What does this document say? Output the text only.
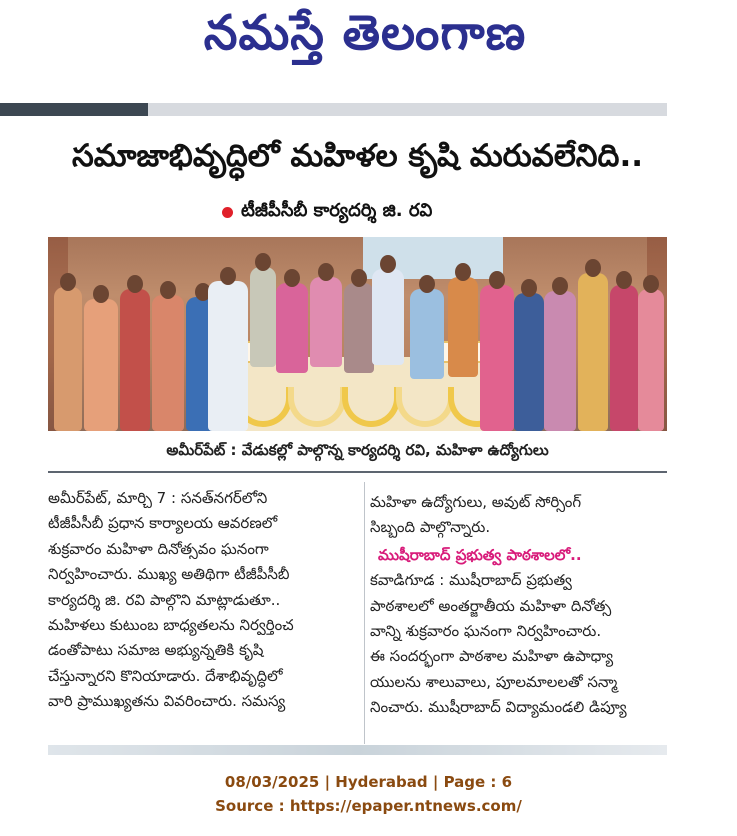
నమస్తే తెలంగాణ
సమాజాభివృద్ధిలో మహిళల కృషి మరువలేనిది..
టీజీపీసీబీ కార్యదర్శి జి. రవి
అమీర్‌పేట్ : వేడుకల్లో పాల్గొన్న కార్యదర్శి రవి, మహిళా ఉద్యోగులు

అమీర్‌పేట్, మార్చి 7 : సనత్‌నగర్‌లోని

టీజీపీసీబీ ప్రధాన కార్యాలయ ఆవరణలో

శుక్రవారం మహిళా దినోత్సవం ఘనంగా

నిర్వహించారు. ముఖ్య అతిథిగా టీజీపీసీబీ

కార్యదర్శి జి. రవి పాల్గొని మాట్లాడుతూ..

మహిళలు కుటుంబ బాధ్యతలను నిర్వర్తించ

డంతోపాటు సమాజ అభ్యున్నతికి కృషి

చేస్తున్నారని కొనియాడారు. దేశాభివృద్ధిలో

వారి ప్రాముఖ్యతను వివరించారు. సమస్య

మహిళా ఉద్యోగులు, అవుట్ సోర్సింగ్

సిబ్బంది పాల్గొన్నారు.

ముషీరాబాద్ ప్రభుత్వ పాఠశాలలో..

కవాడిగూడ : ముషీరాబాద్ ప్రభుత్వ

పాఠశాలలో అంతర్జాతీయ మహిళా దినోత్స

వాన్ని శుక్రవారం ఘనంగా నిర్వహించారు.

ఈ సందర్భంగా పాఠశాల మహిళా ఉపాధ్యా

యులను శాలువాలు, పూలమాలలతో సన్మా

నించారు. ముషీరాబాద్ విద్యామండలి డిప్యూ

08/03/2025 | Hyderabad | Page : 6
Source : https://epaper.ntnews.com/
